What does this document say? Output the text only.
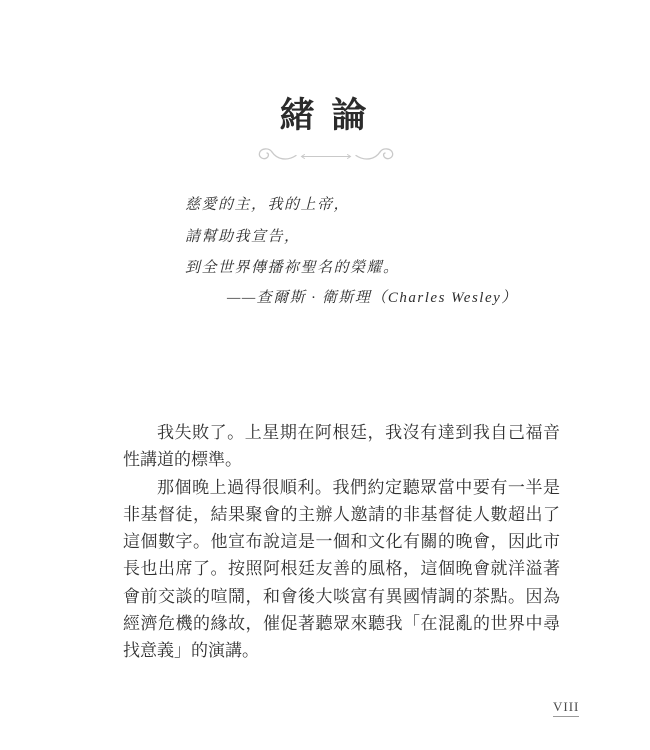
緒 論
慈愛的主，我的上帝，
請幫助我宣告，
到全世界傳播祢聖名的榮耀。
——查爾斯 · 衛斯理（Charles Wesley）

我失敗了。上星期在阿根廷，我沒有達到我自己福音性講道的標準。

那個晚上過得很順利。我們約定聽眾當中要有一半是非基督徒，結果聚會的主辦人邀請的非基督徒人數超出了這個數字。他宣布說這是一個和文化有關的晚會，因此市長也出席了。按照阿根廷友善的風格，這個晚會就洋溢著會前交談的喧鬧，和會後大啖富有異國情調的茶點。因為經濟危機的緣故，催促著聽眾來聽我「在混亂的世界中尋找意義」的演講。

VIII
